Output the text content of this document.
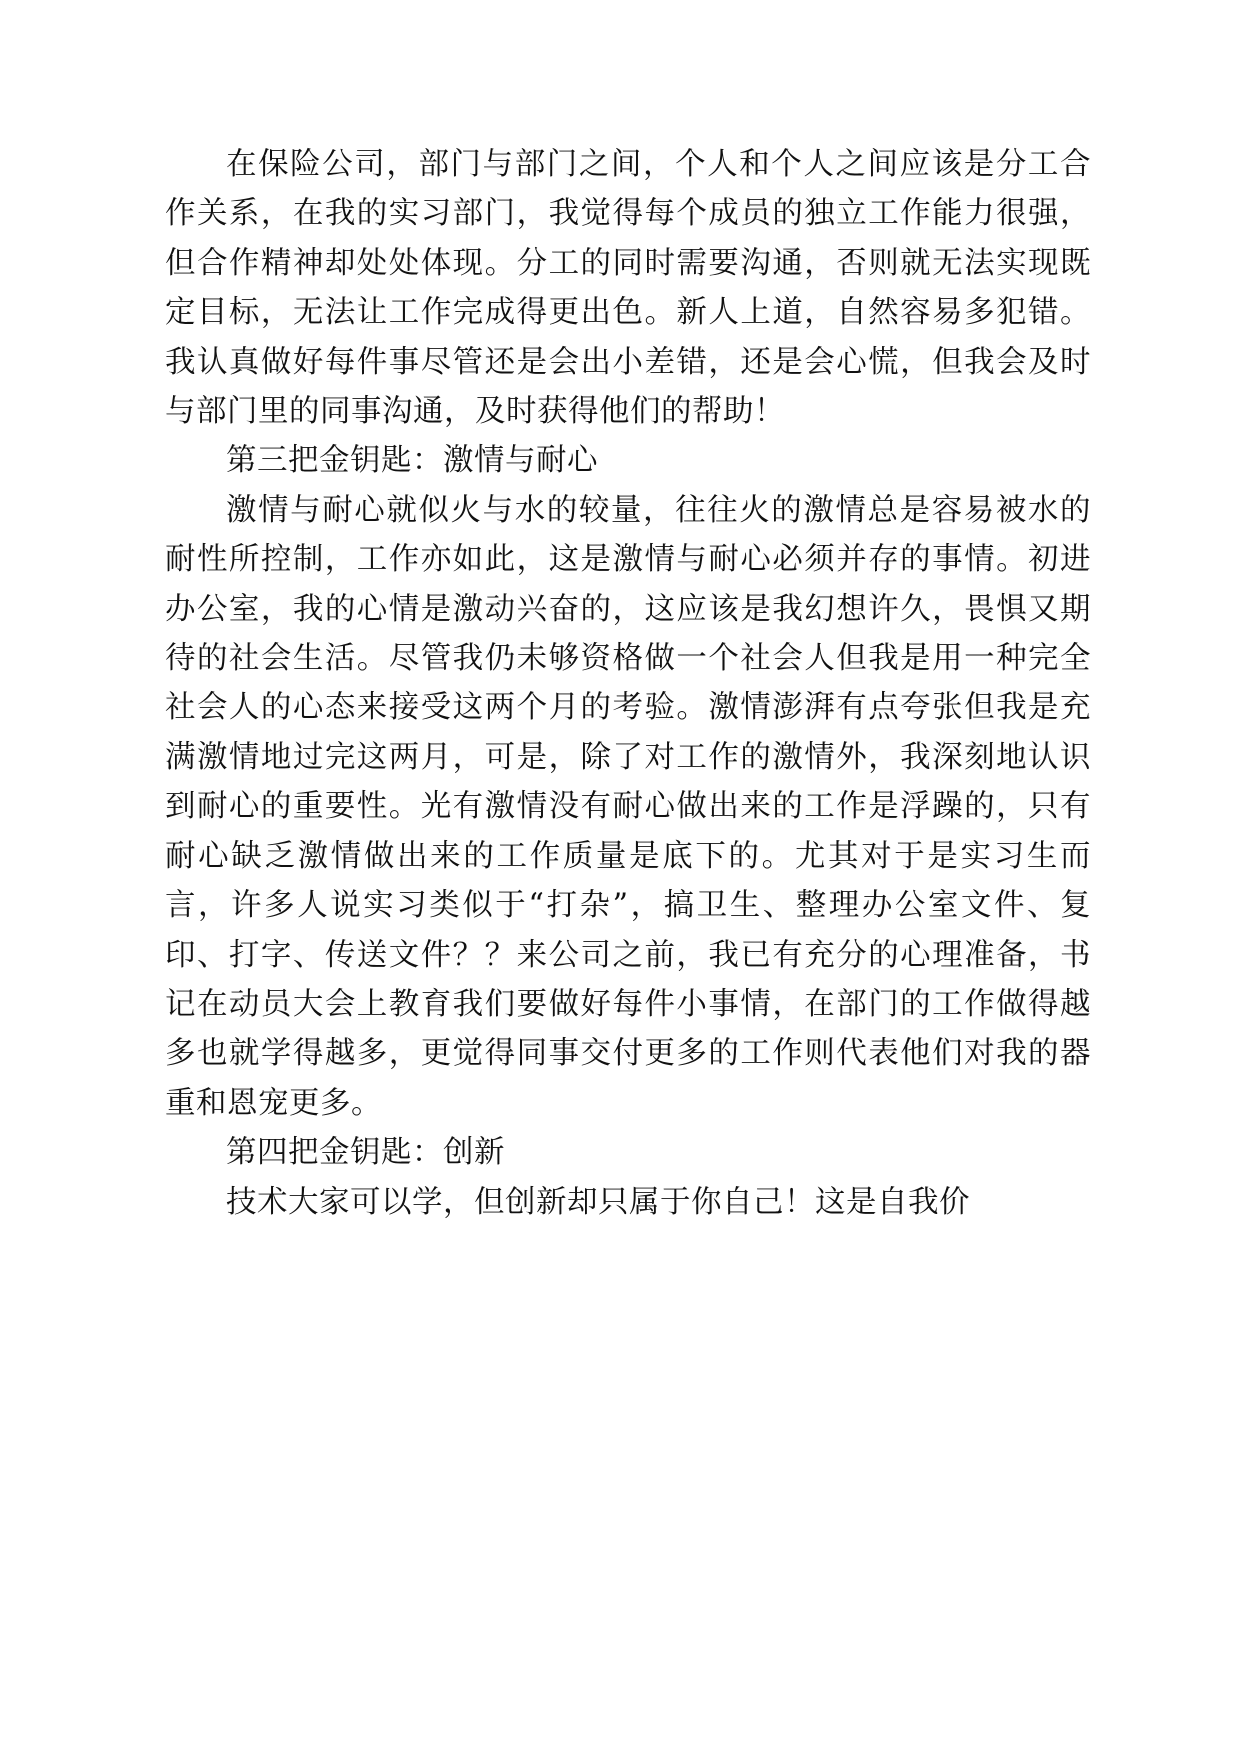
在保险公司，部门与部门之间，个人和个人之间应该是分工合作关系，在我的实习部门，我觉得每个成员的独立工作能力很强，但合作精神却处处体现。分工的同时需要沟通，否则就无法实现既定目标，无法让工作完成得更出色。新人上道，自然容易多犯错。我认真做好每件事尽管还是会出小差错，还是会心慌，但我会及时与部门里的同事沟通，及时获得他们的帮助！

第三把金钥匙：激情与耐心

激情与耐心就似火与水的较量，往往火的激情总是容易被水的耐性所控制，工作亦如此，这是激情与耐心必须并存的事情。初进办公室，我的心情是激动兴奋的，这应该是我幻想许久，畏惧又期待的社会生活。尽管我仍未够资格做一个社会人但我是用一种完全社会人的心态来接受这两个月的考验。激情澎湃有点夸张但我是充满激情地过完这两月，可是，除了对工作的激情外，我深刻地认识到耐心的重要性。光有激情没有耐心做出来的工作是浮躁的，只有耐心缺乏激情做出来的工作质量是底下的。尤其对于是实习生而言，许多人说实习类似于“打杂”，搞卫生、整理办公室文件、复印、打字、传送文件？？来公司之前，我已有充分的心理准备，书记在动员大会上教育我们要做好每件小事情，在部门的工作做得越多也就学得越多，更觉得同事交付更多的工作则代表他们对我的器重和恩宠更多。

第四把金钥匙：创新

技术大家可以学，但创新却只属于你自己！这是自我价
